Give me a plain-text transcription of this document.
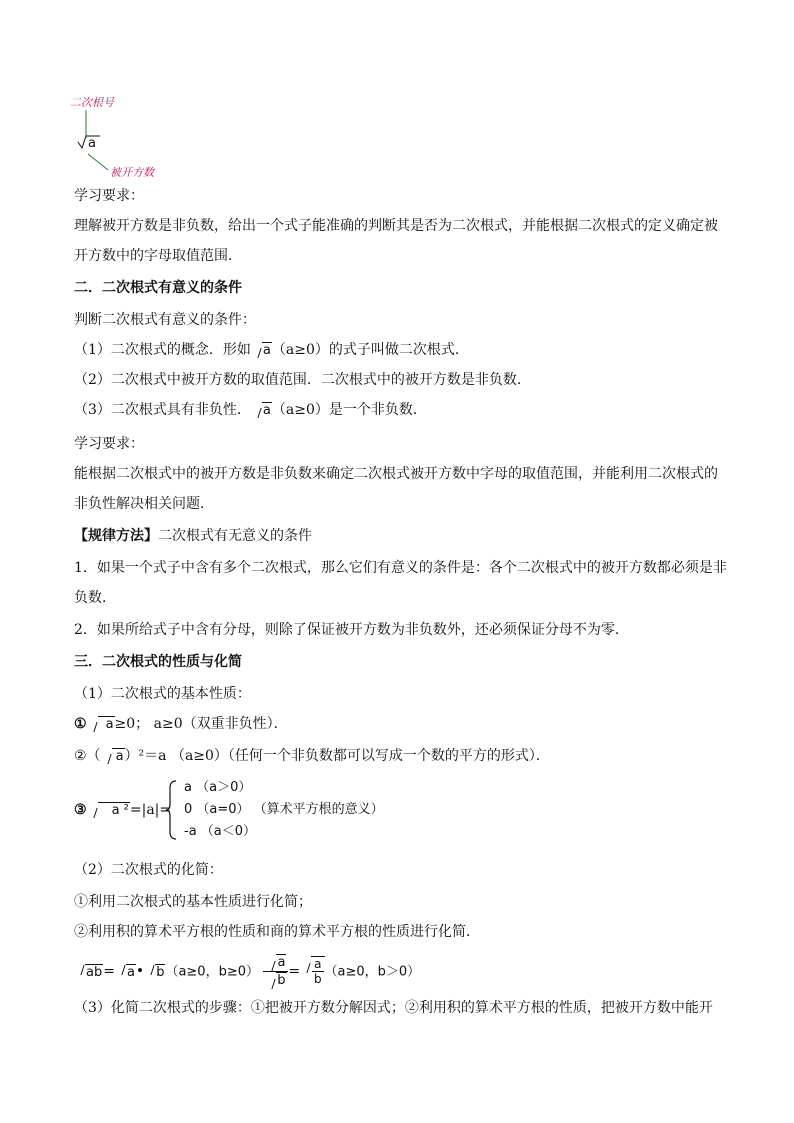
二次根号
a
被开方数
学习要求：
理解被开方数是非负数，给出一个式子能准确的判断其是否为二次根式，并能根据二次根式的定义确定被
开方数中的字母取值范围．
二．二次根式有意义的条件
判断二次根式有意义的条件：
（1）二次根式的概念．形如 a（a≥0）的式子叫做二次根式．
（2）二次根式中被开方数的取值范围．二次根式中的被开方数是非负数．
（3）二次根式具有非负性． a（a≥0）是一个非负数．
学习要求：
能根据二次根式中的被开方数是非负数来确定二次根式被开方数中字母的取值范围，并能利用二次根式的
非负性解决相关问题．
【规律方法】二次根式有无意义的条件
1．如果一个式子中含有多个二次根式，那么它们有意义的条件是：各个二次根式中的被开方数都必须是非
负数．
2．如果所给式子中含有分母，则除了保证被开方数为非负数外，还必须保证分母不为零．
三．二次根式的性质与化简
（1）二次根式的基本性质：
① a≥0； a≥0（双重非负性）．
②（ a）²＝a （a≥0）（任何一个非负数都可以写成一个数的平方的形式）．
③ a ²=|a|=
a （a＞0）
0 （a=0） （算术平方根的意义）
-a （a＜0）
（2）二次根式的化简：
①利用二次根式的基本性质进行化简；
②利用积的算术平方根的性质和商的算术平方根的性质进行化简．
ab= a• b（a≥0，$b\ge 0) \frac{a}{b} = \frac{a}{b} (a\ge 0$，b＞0）
（3）化简二次根式的步骤：①把被开方数分解因式；②利用积的算术平方根的性质，把被开方数中能开
